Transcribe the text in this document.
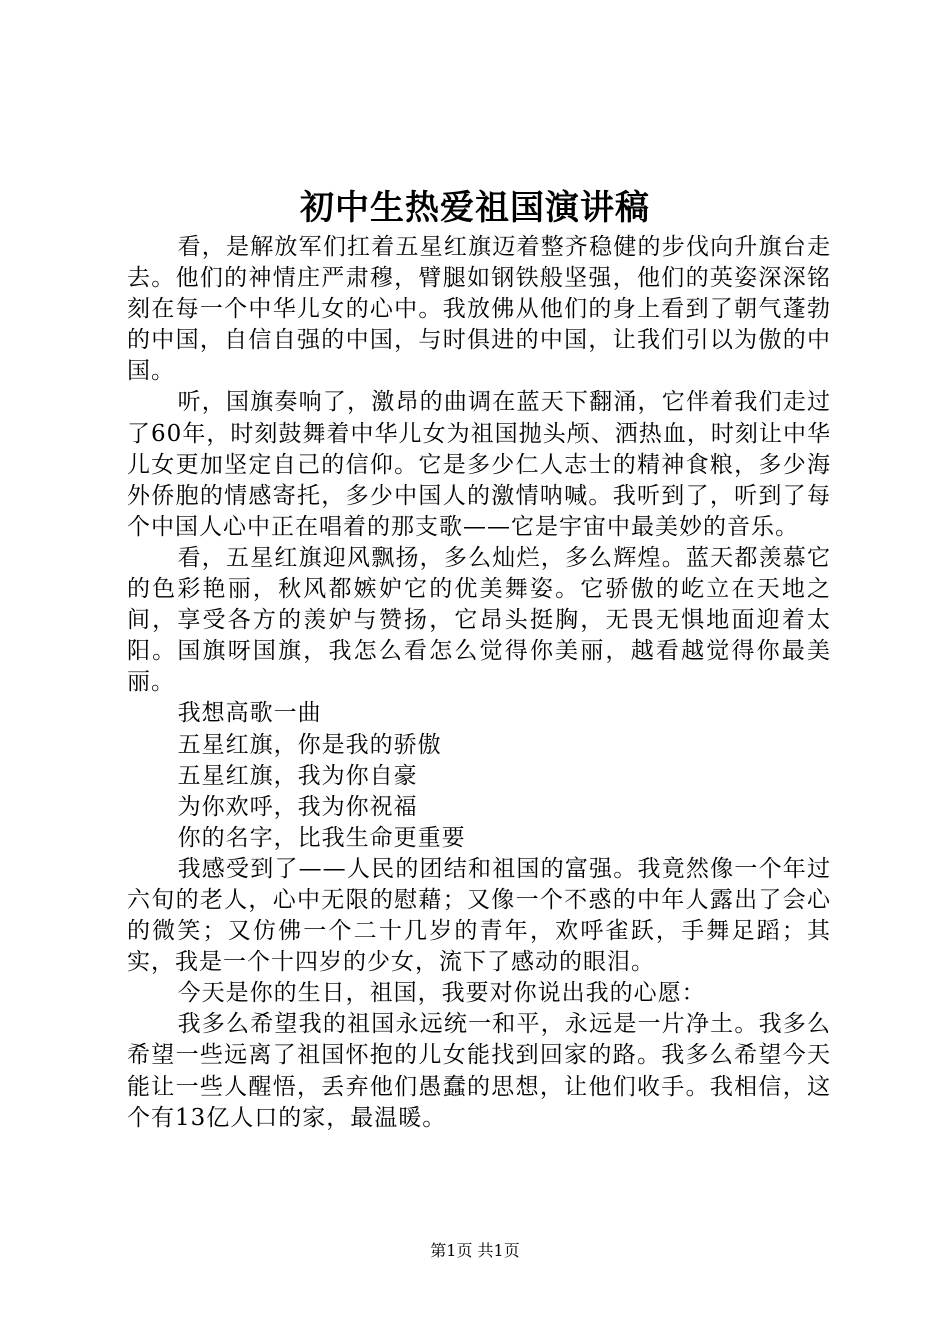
初中生热爱祖国演讲稿

看，是解放军们扛着五星红旗迈着整齐稳健的步伐向升旗台走去。他们的神情庄严肃穆，臂腿如钢铁般坚强，他们的英姿深深铭刻在每一个中华儿女的心中。我放佛从他们的身上看到了朝气蓬勃的中国，自信自强的中国，与时俱进的中国，让我们引以为傲的中国。

听，国旗奏响了，激昂的曲调在蓝天下翻涌，它伴着我们走过了60年，时刻鼓舞着中华儿女为祖国抛头颅、洒热血，时刻让中华儿女更加坚定自己的信仰。它是多少仁人志士的精神食粮，多少海外侨胞的情感寄托，多少中国人的激情呐喊。我听到了，听到了每个中国人心中正在唱着的那支歌——它是宇宙中最美妙的音乐。

看，五星红旗迎风飘扬，多么灿烂，多么辉煌。蓝天都羡慕它的色彩艳丽，秋风都嫉妒它的优美舞姿。它骄傲的屹立在天地之间，享受各方的羡妒与赞扬，它昂头挺胸，无畏无惧地面迎着太阳。国旗呀国旗，我怎么看怎么觉得你美丽，越看越觉得你最美丽。

我想高歌一曲

五星红旗，你是我的骄傲

五星红旗，我为你自豪

为你欢呼，我为你祝福

你的名字，比我生命更重要

我感受到了——人民的团结和祖国的富强。我竟然像一个年过六旬的老人，心中无限的慰藉；又像一个不惑的中年人露出了会心的微笑；又仿佛一个二十几岁的青年，欢呼雀跃，手舞足蹈；其实，我是一个十四岁的少女，流下了感动的眼泪。

今天是你的生日，祖国，我要对你说出我的心愿：

我多么希望我的祖国永远统一和平，永远是一片净土。我多么希望一些远离了祖国怀抱的儿女能找到回家的路。我多么希望今天能让一些人醒悟，丢弃他们愚蠢的思想，让他们收手。我相信，这个有13亿人口的家，最温暖。

第1页 共1页
